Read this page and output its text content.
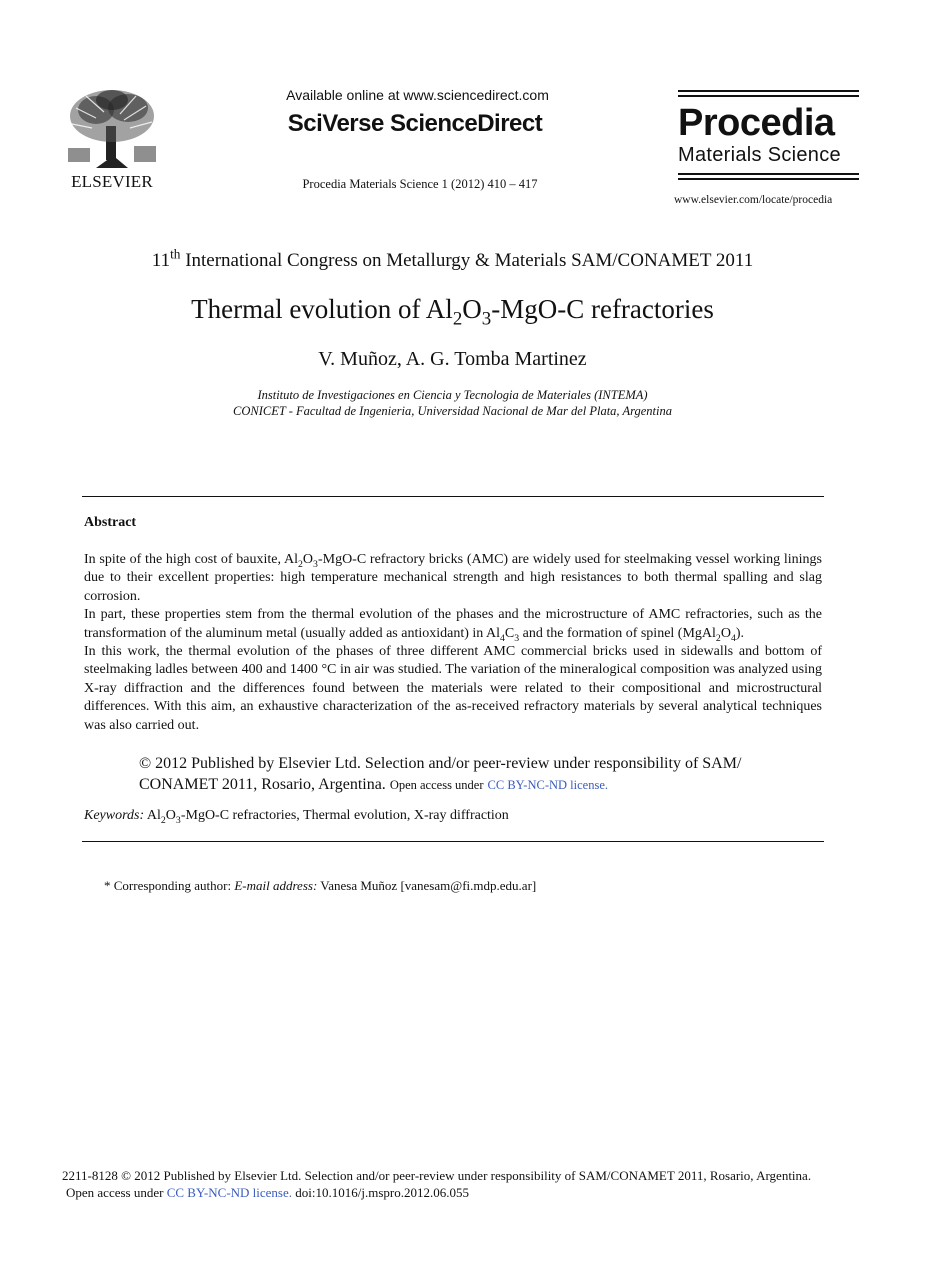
ELSEVIER
Available online at www.sciencedirect.com
SciVerse ScienceDirect
Procedia Materials Science 1 (2012) 410 – 417
Procedia
Materials Science
www.elsevier.com/locate/procedia
11th International Congress on Metallurgy & Materials SAM/CONAMET 2011
Thermal evolution of $Al_2O_3-MgO-C$ refractories
V. Muñoz, A. G. Tomba Martinez
Instituto de Investigaciones en Ciencia y Tecnologia de Materiales (INTEMA)
CONICET - Facultad de Ingenieria, Universidad Nacional de Mar del Plata, Argentina
Abstract

In spite of the high cost of bauxite, $Al_2O_3-MgO-C$ refractory bricks (AMC) are widely used for steelmaking vessel working linings due to their excellent properties: high temperature mechanical strength and high resistances to both thermal spalling and slag corrosion.

In part, these properties stem from the thermal evolution of the phases and the microstructure of AMC refractories, such as the transformation of the aluminum metal (usually added as antioxidant) in $Al_4C_3$ and the formation of spinel $(MgAl_2O_4)$.

In this work, the thermal evolution of the phases of three different AMC commercial bricks used in sidewalls and bottom of steelmaking ladles between 400 and 1400 °C in air was studied. The variation of the mineralogical composition was analyzed using X-ray diffraction and the differences found between the materials were related to their compositional and microstructural differences. With this aim, an exhaustive characterization of the as-received refractory materials by several analytical techniques was also carried out.

© 2012 Published by Elsevier Ltd. Selection and/or peer-review under responsibility of SAM/ CONAMET 2011, Rosario, Argentina. Open access under CC BY-NC-ND license.
Keywords: $Al_2O_3-MgO-C$ refractories, Thermal evolution, X-ray diffraction
* Corresponding author: E-mail address: Vanesa Muñoz [vanesam@fi.mdp.edu.ar]
2211-8128 © 2012 Published by Elsevier Ltd. Selection and/or peer-review under responsibility of SAM/CONAMET 2011, Rosario, Argentina.
Open access under CC BY-NC-ND license. doi:10.1016/j.mspro.2012.06.055
